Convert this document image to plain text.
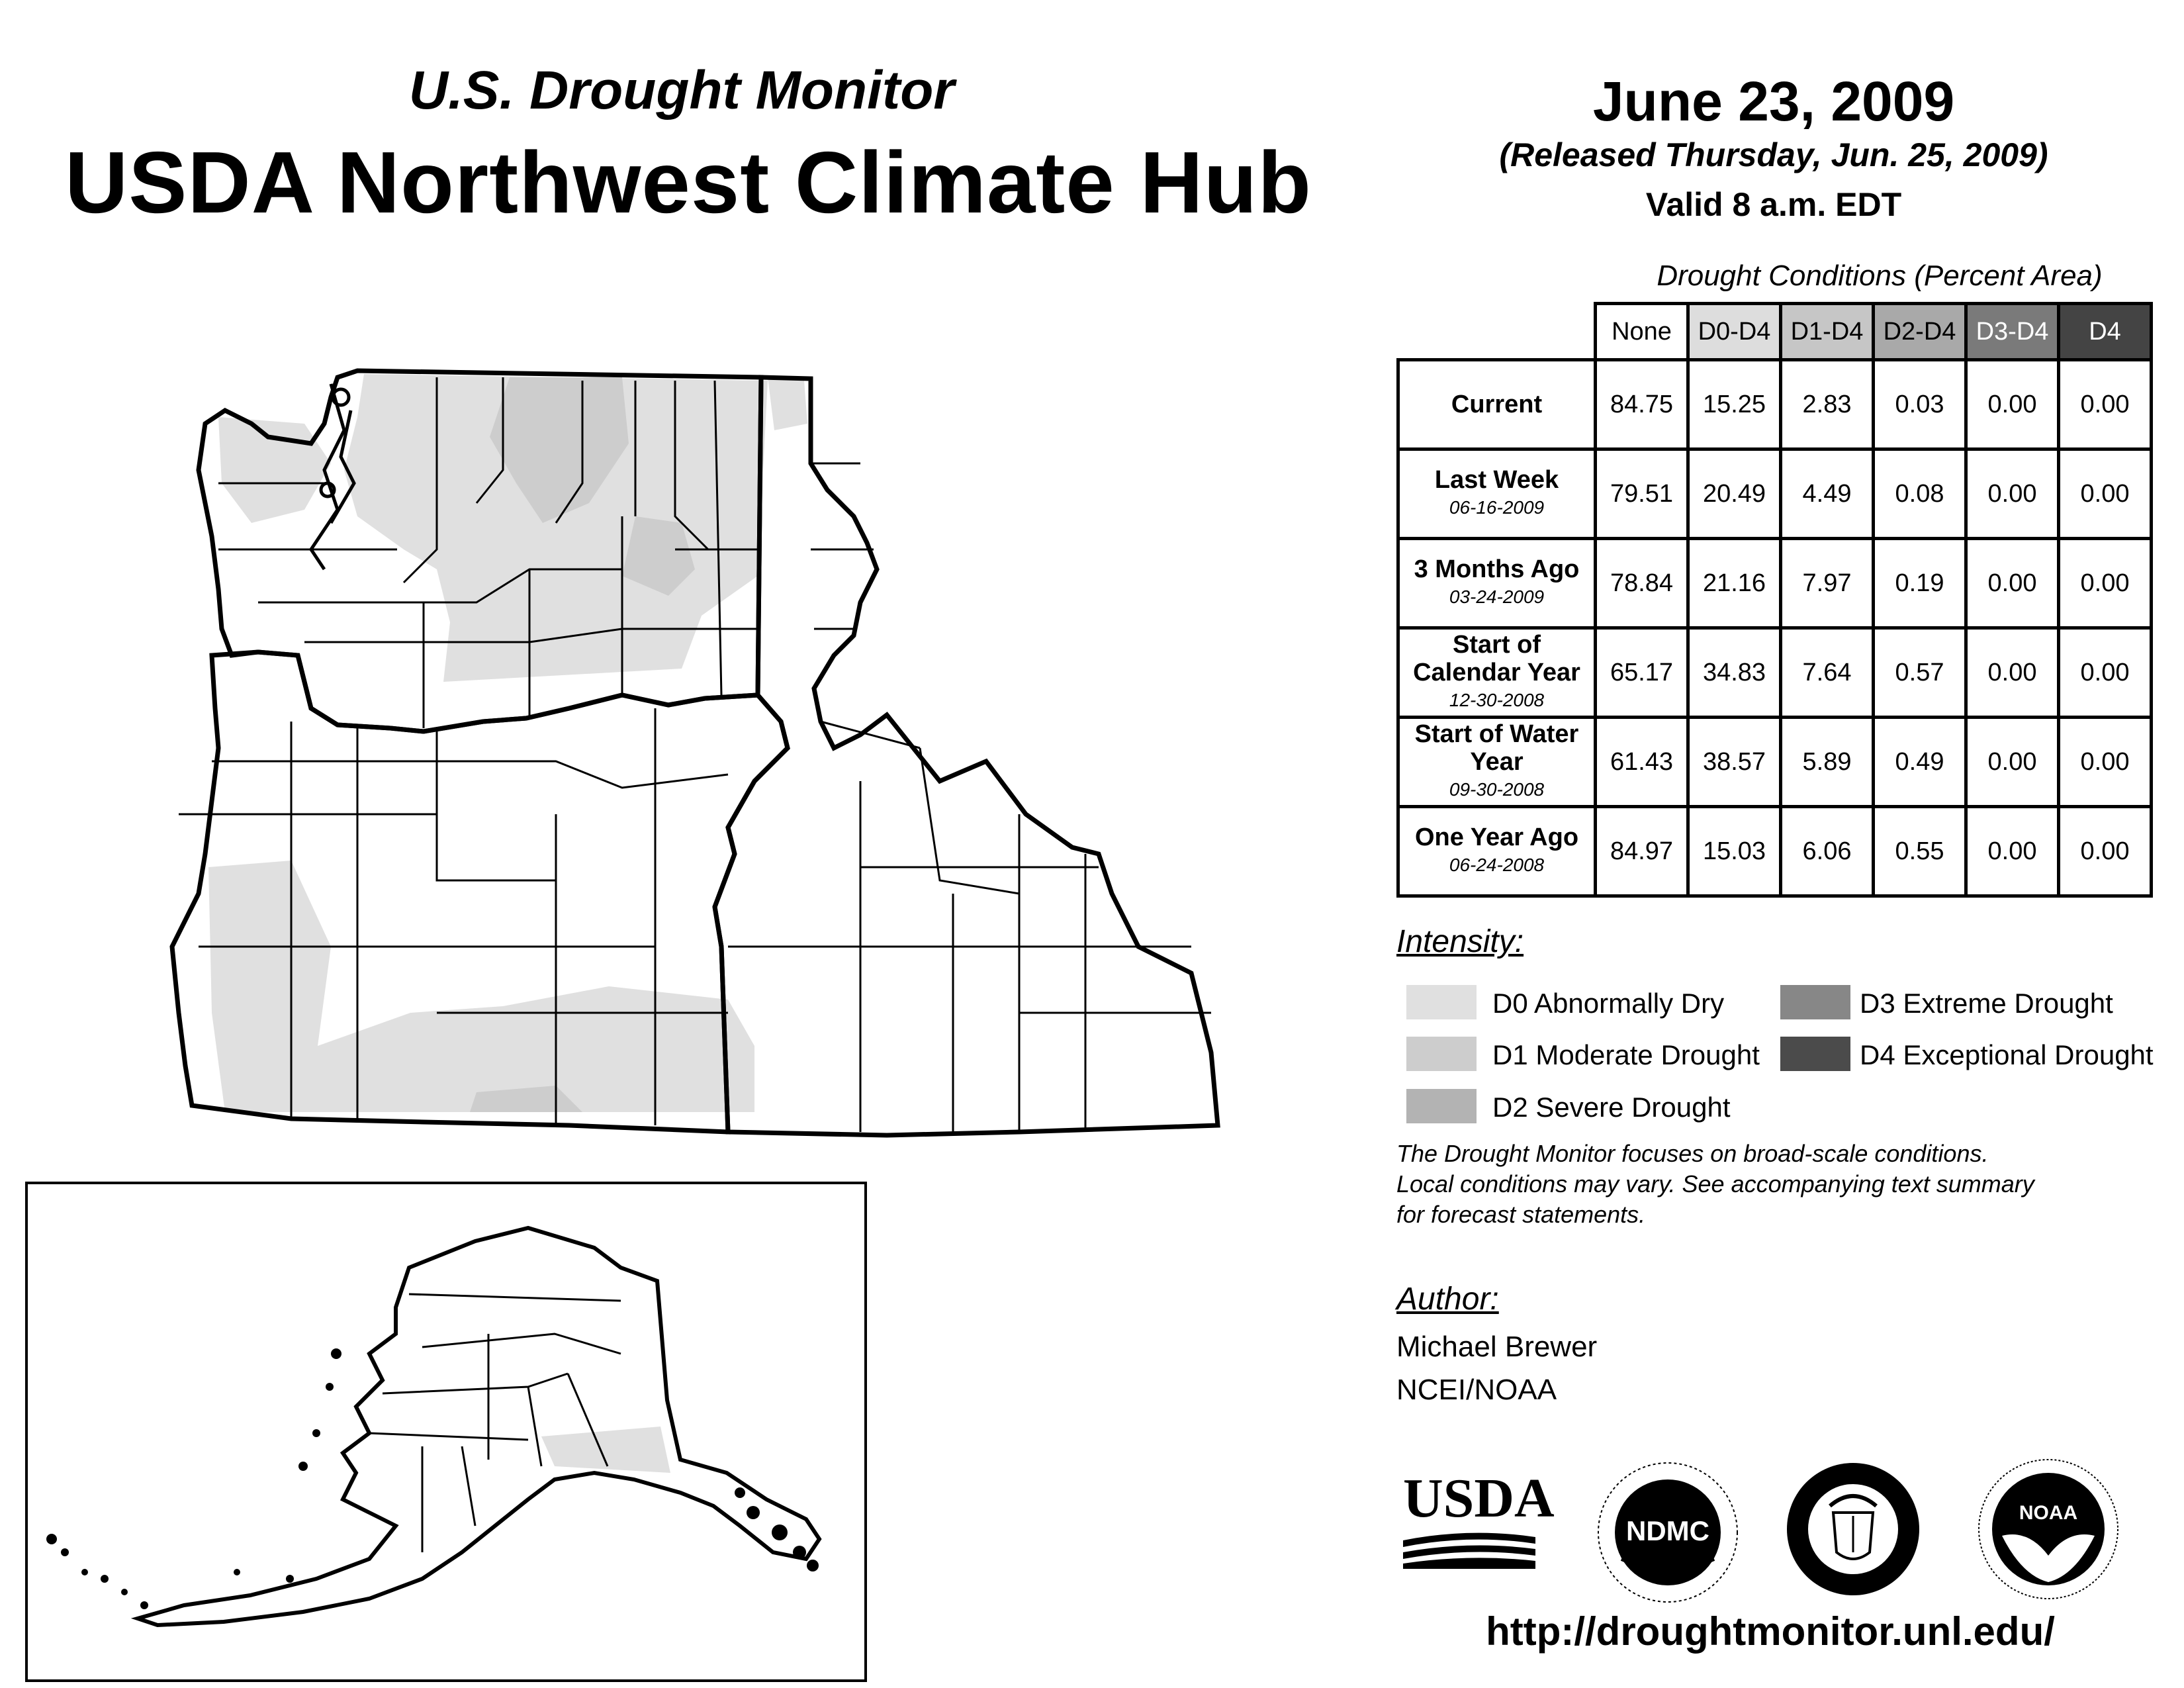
U.S. Drought Monitor
USDA Northwest Climate Hub
June 23, 2009
(Released Thursday, Jun. 25, 2009)
Valid 8 a.m. EDT
Drought Conditions (Percent Area)
	None	D0-D4	D1-D4	D2-D4	D3-D4	D4
Current	84.75	15.25	2.83	0.03	0.00	0.00
Last Week
06-16-2009	79.51	20.49	4.49	0.08	0.00	0.00
3 Months Ago
03-24-2009	78.84	21.16	7.97	0.19	0.00	0.00
Start of Calendar Year
12-30-2008	65.17	34.83	7.64	0.57	0.00	0.00
Start of Water Year
09-30-2008	61.43	38.57	5.89	0.49	0.00	0.00
One Year Ago
06-24-2008	84.97	15.03	6.06	0.55	0.00	0.00
Intensity:
D0 Abnormally Dry
D1 Moderate Drought
D2 Severe Drought
D3 Extreme Drought
D4 Exceptional Drought
The Drought Monitor focuses on broad-scale conditions.
Local conditions may vary. See accompanying text summary
for forecast statements.
Author:
Michael Brewer
NCEI/NOAA
USDA
NDMC
NOAA
http://droughtmonitor.unl.edu/
